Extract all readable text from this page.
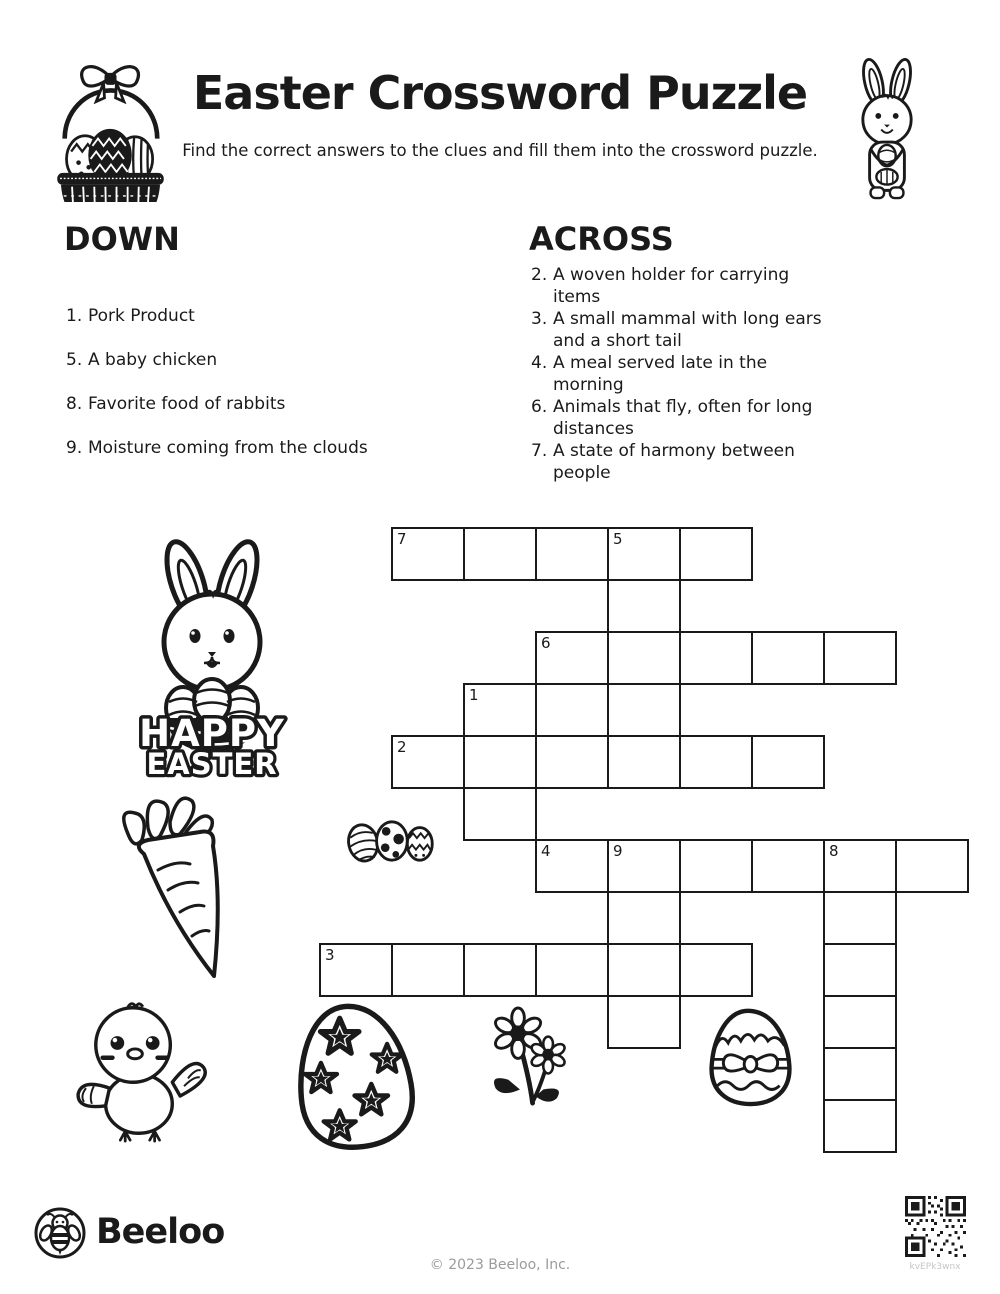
Easter Crossword Puzzle
Find the correct answers to the clues and fill them into the crossword puzzle.
DOWN
1. Pork Product
5. A baby chicken
8. Favorite food of rabbits
9. Moisture coming from the clouds
ACROSS
2. A woven holder for carrying
items
3. A small mammal with long ears
and a short tail
4. A meal served late in the
morning
6. Animals that fly, often for long
distances
7. A state of harmony between
people
7	5
6
1
2
4	9	8
3
HAPPY
EASTER
Beeloo
© 2023 Beeloo, Inc.	kvEPk3wnx
